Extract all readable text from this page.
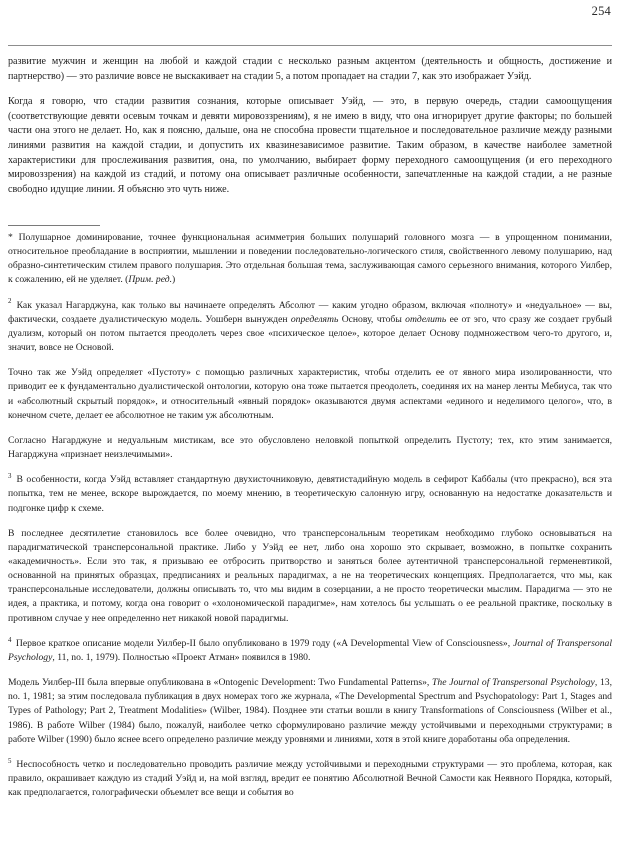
254

развитие мужчин и женщин на любой и каждой стадии с несколько разным акцентом (деятельность и общность, достижение и партнерство) — это различие вовсе не выскакивает на стадии 5, а потом пропадает на стадии 7, как это изображает Уэйд.

Когда я говорю, что стадии развития сознания, которые описывает Уэйд, — это, в первую очередь, стадии самоощущения (соответствующие девяти осевым точкам и девяти мировоззрениям), я не имею в виду, что она игнорирует другие факторы; по большей части она этого не делает. Но, как я поясню, дальше, она не способна провести тщательное и последовательное различие между разными линиями развития на каждой стадии, и допустить их квазинезависимое развитие. Таким образом, в качестве наиболее заметной характеристики для прослеживания развития, она, по умолчанию, выбирает форму переходного самоощущения (и его переходного мировоззрения) на каждой из стадий, и потому она описывает различные особенности, запечатленные на каждой стадии, а не разные свободно идущие линии. Я объясню это чуть ниже.

* Полушарное доминирование, точнее функциональная асимметрия больших полушарий головного мозга — в упрощенном понимании, относительное преобладание в восприятии, мышлении и поведении последовательно-логического стиля, свойственного левому полушарию, над образно-синтетическим стилем правого полушария. Это отдельная большая тема, заслуживающая самого серьезного внимания, которого Уилбер, к сожалению, ей не уделяет. (Прим. ред.)

$^2$ Как указал Нагарджуна, как только вы начинаете определять Абсолют — каким угодно образом, включая «полноту» и «недуальное» — вы, фактически, создаете дуалистическую модель. Уошберн вынужден определять Основу, чтобы отделить ее от эго, что сразу же создает грубый дуализм, который он потом пытается преодолеть через свое «психическое целое», которое делает Основу подмножеством чего-то другого, и, значит, вовсе не Основой.

Точно так же Уэйд определяет «Пустоту» с помощью различных характеристик, чтобы отделить ее от явного мира изолированности, что приводит ее к фундаментально дуалистической онтологии, которую она тоже пытается преодолеть, соединяя их на манер ленты Мебиуса, так что и «абсолютный скрытый порядок», и относительный «явный порядок» оказываются двумя аспектами «единого и неделимого целого», что, в конечном счете, делает ее абсолютное не таким уж абсолютным.

Согласно Нагарджуне и недуальным мистикам, все это обусловлено неловкой попыткой определить Пустоту; тех, кто этим занимается, Нагарджуна «признает неизлечимыми».

$^3$ В особенности, когда Уэйд вставляет стандартную двухисточниковую, девятистадийную модель в сефирот Каббалы (что прекрасно), вся эта попытка, тем не менее, вскоре вырождается, по моему мнению, в теоретическую салонную игру, основанную на недостатке доказательств и подгонке цифр к схеме.

В последнее десятилетие становилось все более очевидно, что трансперсональным теоретикам необходимо глубоко основываться на парадигматической трансперсональной практике. Либо у Уэйд ее нет, либо она хорошо это скрывает, возможно, в попытке сохранить «академичность». Если это так, я призываю ее отбросить притворство и заняться более аутентичной трансперсональной герменевтикой, основанной на принятых образцах, предписаниях и реальных парадигмах, а не на теоретических концепциях. Предполагается, что мы, как трансперсональные исследователи, должны описывать то, что мы видим в созерцании, а не просто теоретически мыслим. Парадигма — это не идея, а практика, и потому, когда она говорит о «холономической парадигме», нам хотелось бы услышать о ее реальной практике, поскольку в противном случае у нее определенно нет никакой новой парадигмы.

$^4$ Первое краткое описание модели Уилбер-II было опубликовано в 1979 году («A Developmental View of Consciousness», Journal of Transpersonal Psychology, 11, no. 1, 1979). Полностью «Проект Атман» появился в 1980.

Модель Уилбер-III была впервые опубликована в «Ontogenic Development: Two Fundamental Patterns», The Journal of Transpersonal Psychology, 13, no. 1, 1981; за этим последовала публикация в двух номерах того же журнала, «The Developmental Spectrum and Psychopatology: Part 1, Stages and Types of Pathology; Part 2, Treatment Modalities» (Wilber, 1984). Позднее эти статьи вошли в книгу Transformations of Consciousness (Wilber et al., 1986). В работе Wilber (1984) было, пожалуй, наиболее четко сформулировано различие между устойчивыми и переходными структурами; в работе Wilber (1990) было яснее всего определено различие между уровнями и линиями, хотя в этой книге доработаны оба определения.

$^5$ Неспособность четко и последовательно проводить различие между устойчивыми и переходными структурами — это проблема, которая, как правило, окрашивает каждую из стадий Уэйд и, на мой взгляд, вредит ее понятию Абсолютной Вечной Самости как Неявного Порядка, который, как предполагается, голографически объемлет все вещи и события во
